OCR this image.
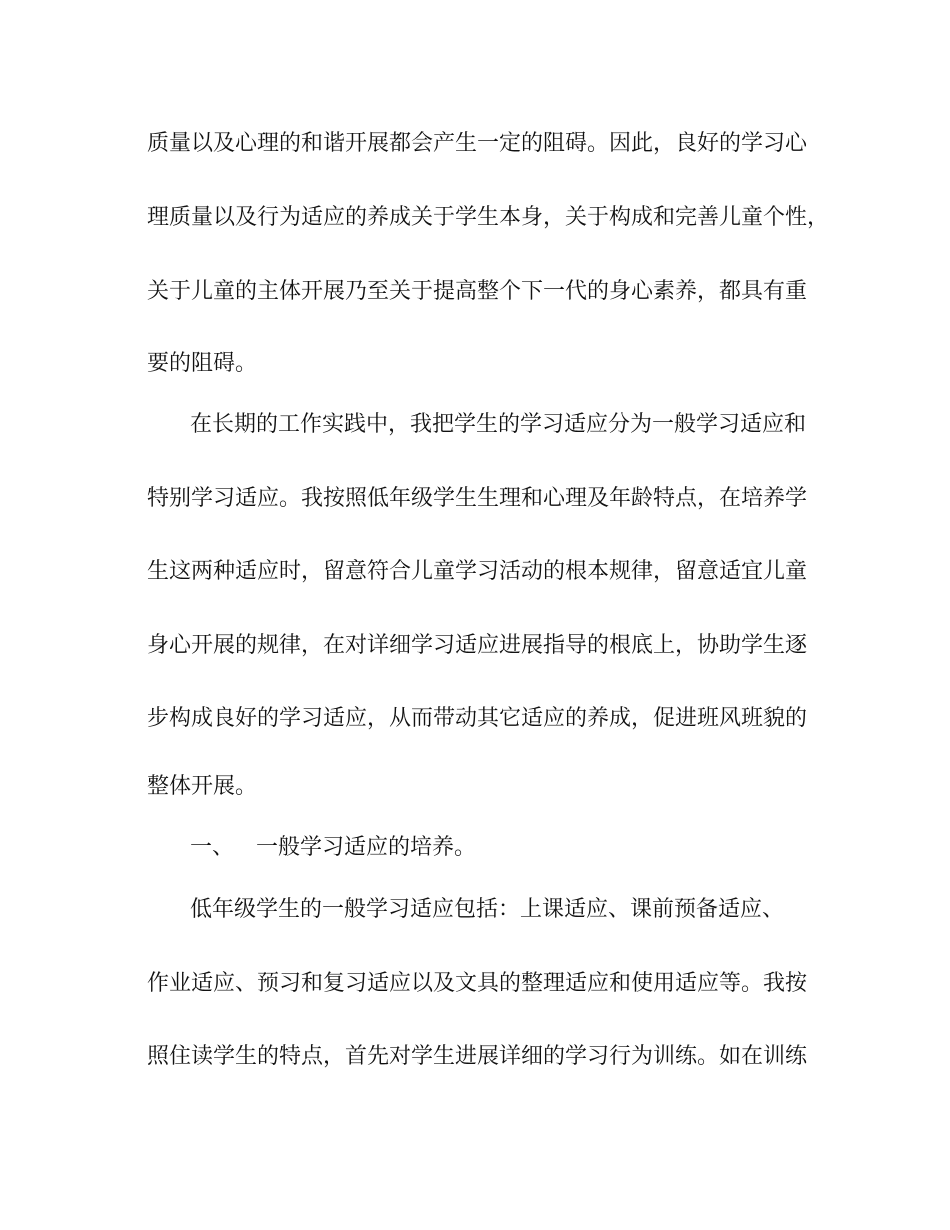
质量以及心理的和谐开展都会产生一定的阻碍。因此，良好的学习心
理质量以及行为适应的养成关于学生本身，关于构成和完善儿童个性，
关于儿童的主体开展乃至关于提高整个下一代的身心素养，都具有重
要的阻碍。
在长期的工作实践中，我把学生的学习适应分为一般学习适应和
特别学习适应。我按照低年级学生生理和心理及年龄特点，在培养学
生这两种适应时，留意符合儿童学习活动的根本规律，留意适宜儿童
身心开展的规律，在对详细学习适应进展指导的根底上，协助学生逐
步构成良好的学习适应，从而带动其它适应的养成，促进班风班貌的
整体开展。
一、 一般学习适应的培养。
低年级学生的一般学习适应包括：上课适应、课前预备适应、
作业适应、预习和复习适应以及文具的整理适应和使用适应等。我按
照住读学生的特点，首先对学生进展详细的学习行为训练。如在训练
